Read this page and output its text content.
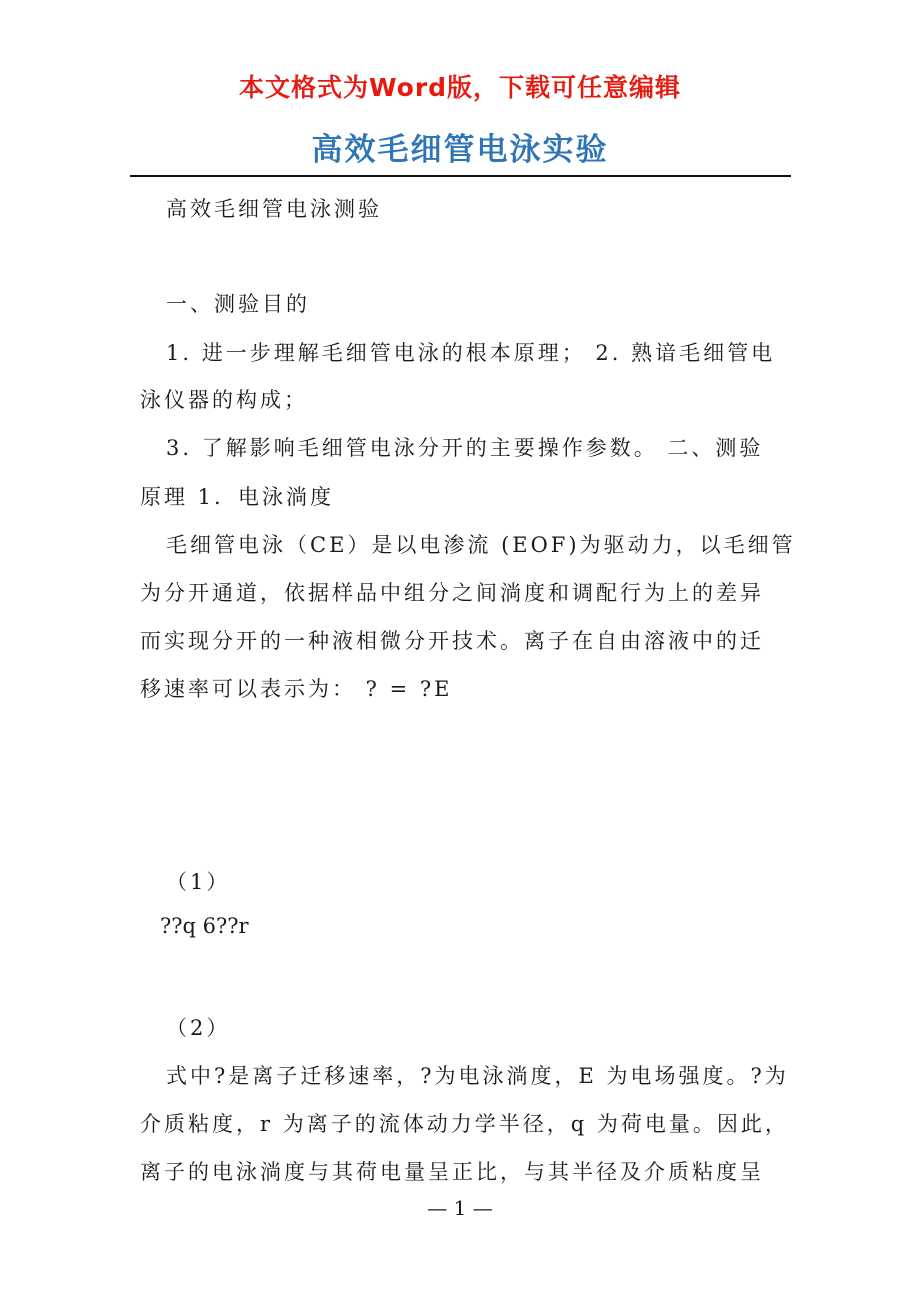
本文格式为Word版，下载可任意编辑
高效毛细管电泳实验
高效毛细管电泳测验
一、测验目的
1. 进一步理解毛细管电泳的根本原理； 2. 熟谙毛细管电
泳仪器的构成；
3. 了解影响毛细管电泳分开的主要操作参数。 二、测验
原理 1．电泳淌度
毛细管电泳（CE）是以电渗流 (EOF)为驱动力，以毛细管
为分开通道，依据样品中组分之间淌度和调配行为上的差异
而实现分开的一种液相微分开技术。离子在自由溶液中的迁
移速率可以表示为： ? = ?E
（1）
??q 6??r
（2）
式中?是离子迁移速率，?为电泳淌度，E 为电场强度。?为
介质粘度，r 为离子的流体动力学半径，q 为荷电量。因此，
离子的电泳淌度与其荷电量呈正比，与其半径及介质粘度呈
— 1 —
